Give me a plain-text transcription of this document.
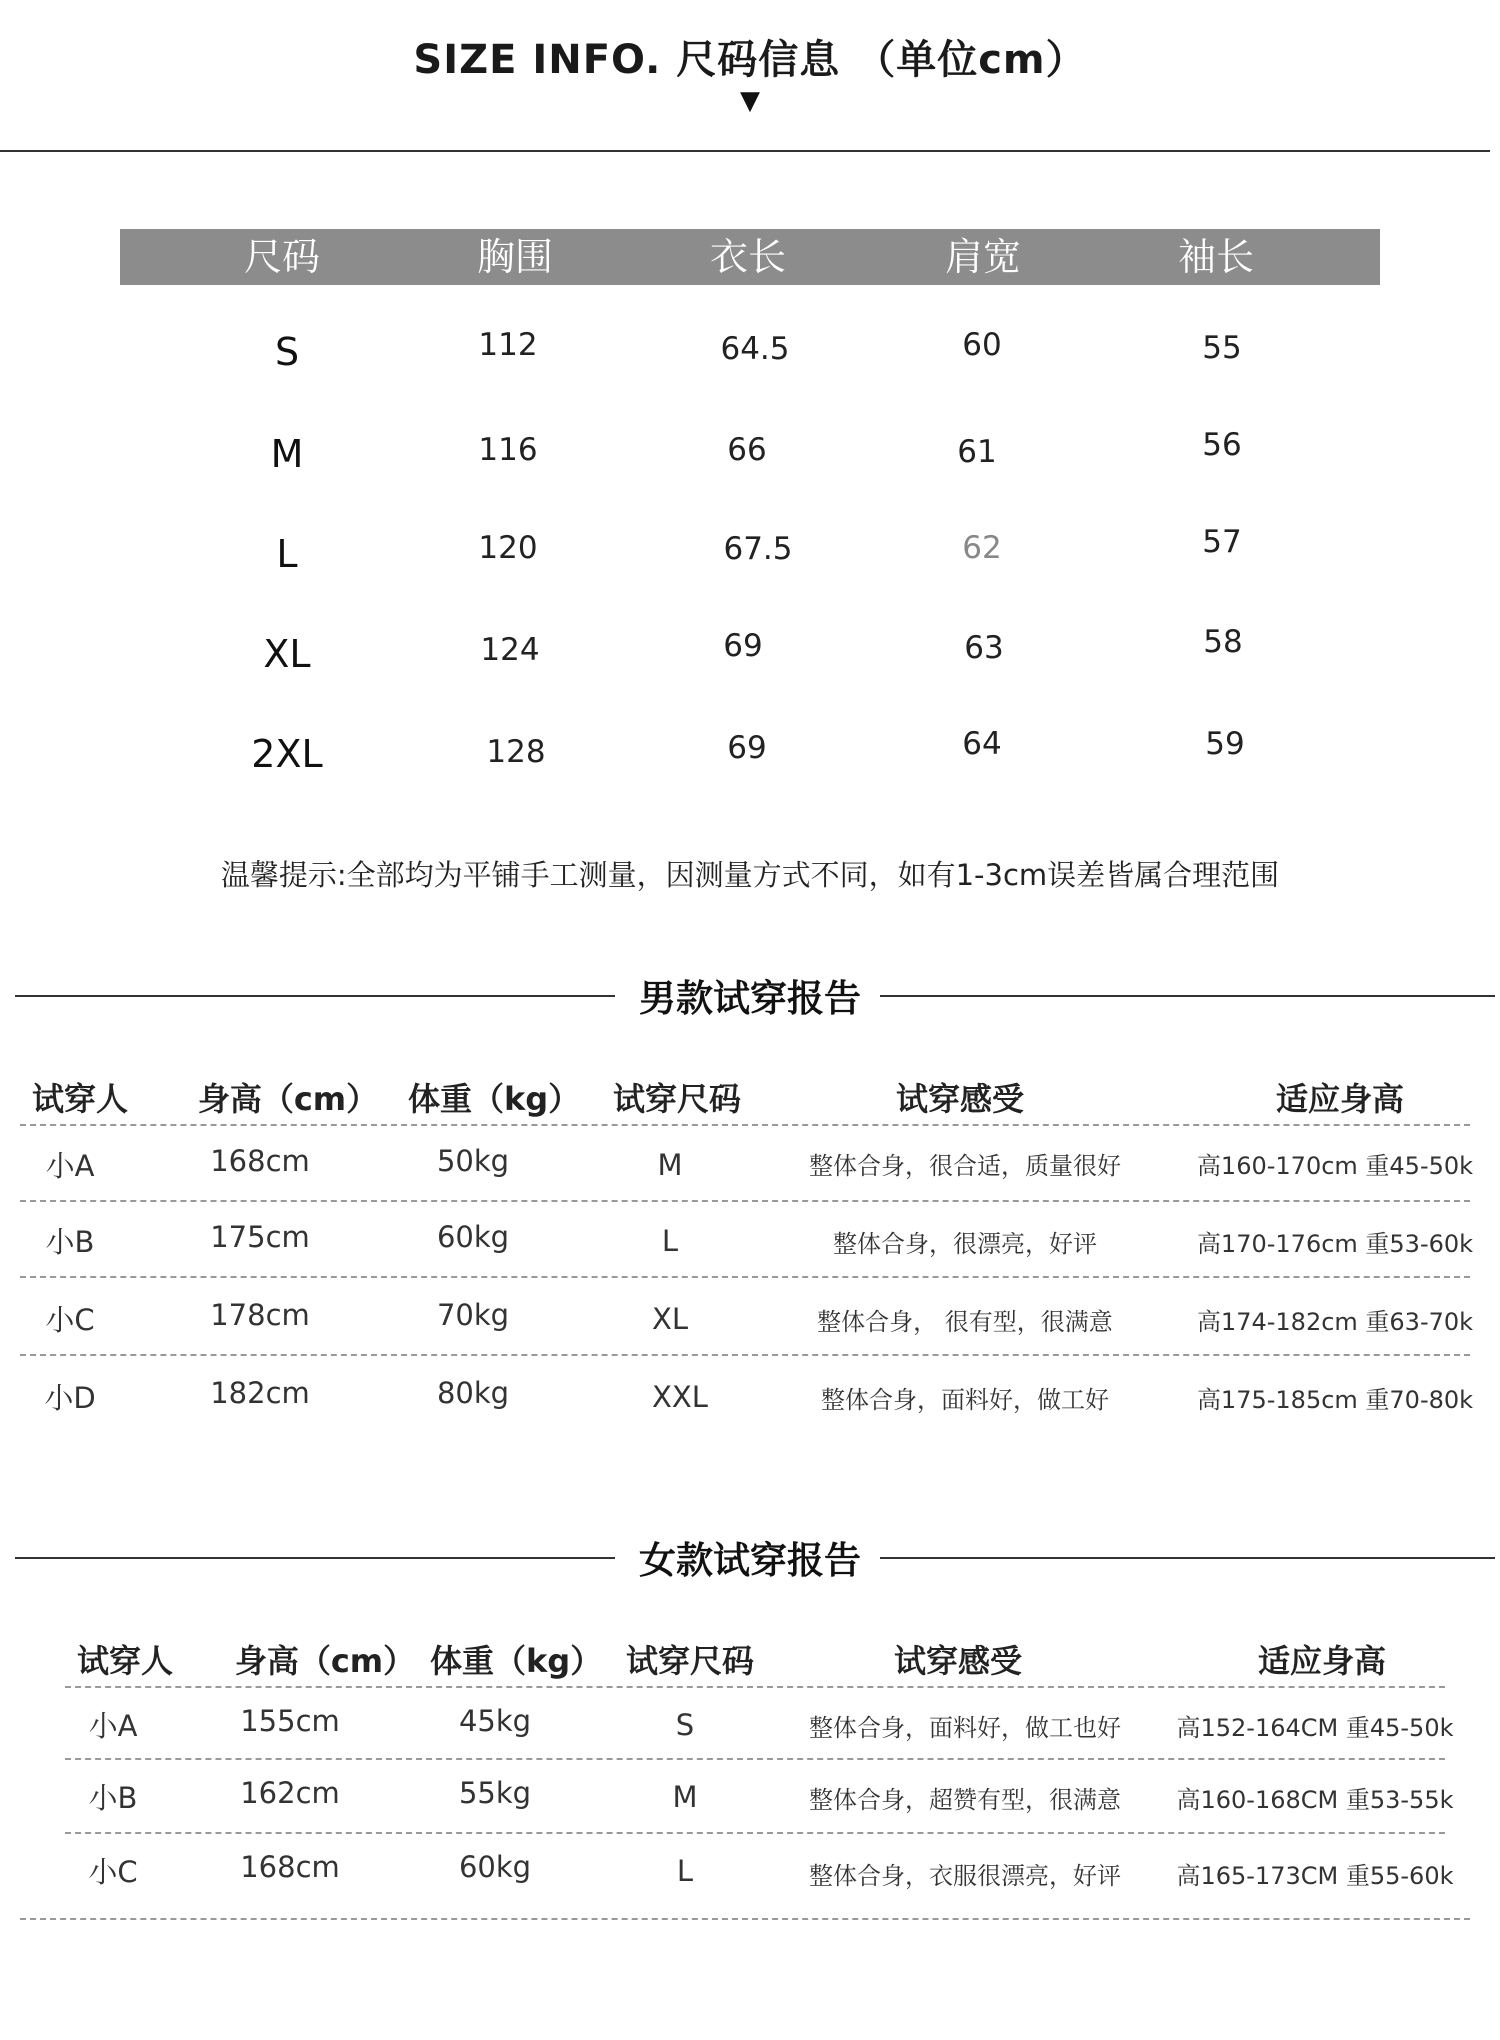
SIZE INFO. 尺码信息 （单位cm）
▼
尺码	胸围	衣长	肩宽	袖长
S	112	64.5	60	55
M	116	66	61	56
L	120	67.5	62	57
XL	124	69	63	58
2XL	128	69	64	59
温馨提示:全部均为平铺手工测量，因测量方式不同，如有1-3cm误差皆属合理范围
男款试穿报告
试穿人 身高（cm） 体重（kg） 试穿尺码	试穿感受	适应身高
小A	168cm	50kg	M	整体合身，很合适，质量很好	高160-170cm 重45-50k
小B	175cm	60kg	L	整体合身，很漂亮，好评	高170-176cm 重53-60k
小C	178cm	70kg	XL	整体合身， 很有型，很满意	高174-182cm 重63-70k
小D	182cm	80kg	XXL	整体合身，面料好，做工好	高175-185cm 重70-80k
女款试穿报告
试穿人 身高（cm） 体重（kg） 试穿尺码	试穿感受	适应身高
小A	155cm	45kg	S	整体合身，面料好，做工也好	高152-164CM 重45-50k
小B	162cm	55kg	M	整体合身，超赞有型，很满意	高160-168CM 重53-55k
小C	168cm	60kg	L	整体合身，衣服很漂亮，好评	高165-173CM 重55-60k
